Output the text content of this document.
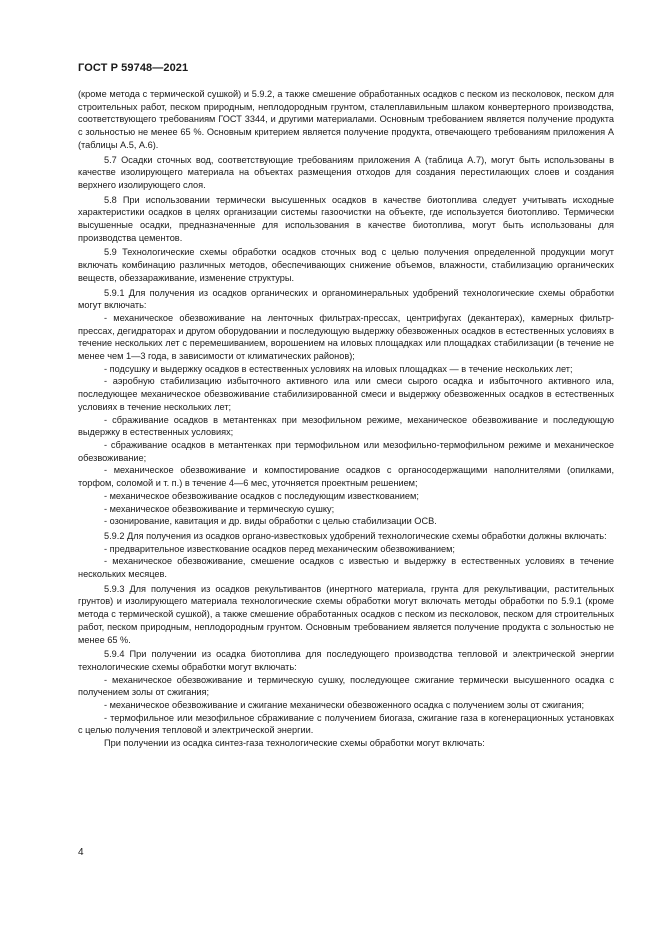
ГОСТ Р 59748—2021

(кроме метода с термической сушкой) и 5.9.2, а также смешение обработанных осадков с песком из песколовок, песком для строительных работ, песком природным, неплодородным грунтом, сталеплавильным шлаком конвертерного производства, соответствующего требованиям ГОСТ 3344, и другими материалами. Основным требованием является получение продукта с зольностью не менее 65 %. Основным критерием является получение продукта, отвечающего требованиям приложения А (таблицы А.5, А.6).

5.7 Осадки сточных вод, соответствующие требованиям приложения А (таблица А.7), могут быть использованы в качестве изолирующего материала на объектах размещения отходов для создания перестилающих слоев и создания верхнего изолирующего слоя.

5.8 При использовании термически высушенных осадков в качестве биотоплива следует учитывать исходные характеристики осадков в целях организации системы газоочистки на объекте, где используется биотопливо. Термически высушенные осадки, предназначенные для использования в качестве биотоплива, могут быть использованы для производства цементов.

5.9 Технологические схемы обработки осадков сточных вод с целью получения определенной продукции могут включать комбинацию различных методов, обеспечивающих снижение объемов, влажности, стабилизацию органических веществ, обеззараживание, изменение структуры.

5.9.1 Для получения из осадков органических и органоминеральных удобрений технологические схемы обработки могут включать:

- механическое обезвоживание на ленточных фильтрах-прессах, центрифугах (декантерах), камерных фильтр-прессах, дегидраторах и другом оборудовании и последующую выдержку обезвоженных осадков в естественных условиях в течение нескольких лет с перемешиванием, ворошением на иловых площадках или площадках стабилизации (в течение не менее чем 1—3 года, в зависимости от климатических районов);

- подсушку и выдержку осадков в естественных условиях на иловых площадках — в течение нескольких лет;

- аэробную стабилизацию избыточного активного ила или смеси сырого осадка и избыточного активного ила, последующее механическое обезвоживание стабилизированной смеси и выдержку обезвоженных осадков в естественных условиях в течение нескольких лет;

- сбраживание осадков в метантенках при мезофильном режиме, механическое обезвоживание и последующую выдержку в естественных условиях;

- сбраживание осадков в метантенках при термофильном или мезофильно-термофильном режиме и механическое обезвоживание;

- механическое обезвоживание и компостирование осадков с органосодержащими наполнителями (опилками, торфом, соломой и т. п.) в течение 4—6 мес, уточняется проектным решением;

- механическое обезвоживание осадков с последующим известкованием;

- механическое обезвоживание и термическую сушку;

- озонирование, кавитация и др. виды обработки с целью стабилизации ОСВ.

5.9.2 Для получения из осадков органо-известковых удобрений технологические схемы обработки должны включать:

- предварительное известкование осадков перед механическим обезвоживанием;

- механическое обезвоживание, смешение осадков с известью и выдержку в естественных условиях в течение нескольких месяцев.

5.9.3 Для получения из осадков рекультивантов (инертного материала, грунта для рекультивации, растительных грунтов) и изолирующего материала технологические схемы обработки могут включать методы обработки по 5.9.1 (кроме метода с термической сушкой), а также смешение обработанных осадков с песком из песколовок, песком для строительных работ, песком природным, неплодородным грунтом. Основным требованием является получение продукта с зольностью не менее 65 %.

5.9.4 При получении из осадка биотоплива для последующего производства тепловой и электрической энергии технологические схемы обработки могут включать:

- механическое обезвоживание и термическую сушку, последующее сжигание термически высушенного осадка с получением золы от сжигания;

- механическое обезвоживание и сжигание механически обезвоженного осадка с получением золы от сжигания;

- термофильное или мезофильное сбраживание с получением биогаза, сжигание газа в когенерационных установках с целью получения тепловой и электрической энергии.

При получении из осадка синтез-газа технологические схемы обработки могут включать:

4
